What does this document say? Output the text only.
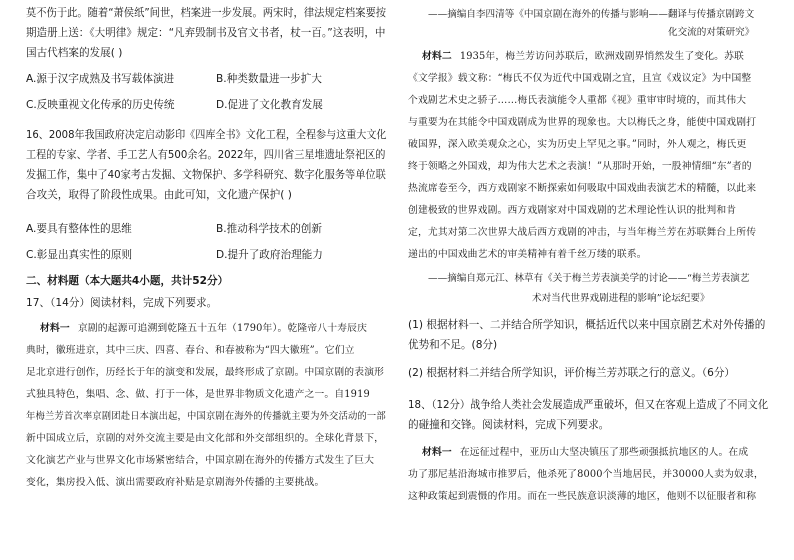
莫不伤于此。随着“萧侯纸”间世，档案进一步发展。两宋时，律法规定档案要按
期造册上送：《大明律》规定：“凡弃毁制书及官文书者，杖一百。”这表明，中
国古代档案的发展( )
A.源于汉字成熟及书写载体演进	B.种类数量进一步扩大
C.反映重视文化传承的历史传统	D.促进了文化教育发展
16、2008年我国政府决定启动影印《四库全书》文化工程，全程参与这重大文化
工程的专家、学者、手工艺人有500余名。2022年，四川省三星堆遗址祭祀区的
发掘工作，集中了40家考古发掘、文物保护、多学科研究、数字化服务等单位联
合攻关，取得了阶段性成果。由此可知，文化遗产保护( )
A.要具有整体性的思维	B.推动科学技术的创新
C.彰显出真实性的原则	D.提升了政府治理能力
二、材料题（本大题共4小题，共计52分）
17、（14分）阅读材料，完成下列要求。
材料一 京剧的起源可追溯到乾隆五十五年（1790年）。乾隆帝八十寿辰庆
典时，徽班进京，其中三庆、四喜、春台、和春被称为“四大徽班”。它们立
足北京进行创作，历经长于年的演变和发展，最终形成了京剧。中国京剧的表演形
式独具特色，集唱、念、做、打于一体，是世界非物质文化遗产之一。自1919
年梅兰芳首次率京剧团赴日本演出起，中国京剧在海外的传播就主要为外交活动的一部
新中国成立后，京剧的对外交流主要是由文化部和外交部组织的。全球化背景下，
文化演艺产业与世界文化市场紧密结合，中国京剧在海外的传播方式发生了巨大
变化，集房投入低、演出需要政府补贴是京剧海外传播的主要挑战。
——摘编自李四清等《中国京剧在海外的传播与影响——翻译与传播京剧跨文
化交流的对策研究》
材料二 1935年，梅兰芳访问苏联后，欧洲戏剧界悄然发生了变化。苏联
《文学报》载文称：“梅氏不仅为近代中国戏剧之宜，且宣《戏议定》为中国整
个戏剧艺术史之骄子……梅氏表演能令人重都《视》重审审时境的，而其伟大
与重要为在其能令中国戏剧成为世界的现象也。大以梅氏之身，能使中国戏剧打
破国界，深入欧美观众之心，实为历史上罕见之事。”同时，外人观之，梅氏更
终于领略之外国戏，却为伟大艺术之表演！”从那时开始，一股神情细“东”者的
热流席卷至今，西方戏剧家不断探索如何吸取中国戏曲表演艺术的精髓，以此来
创建极致的世界戏剧。西方戏剧家对中国戏剧的艺术理论性认识的批判和肯
定，尤其对第二次世界大战后西方戏剧的冲击，与当年梅兰芳在苏联舞台上所传
递出的中国戏曲艺术的审美精神有着千丝万缕的联系。
——摘编自郑元江、林草有《关于梅兰芳表演美学的讨论——“梅兰芳表演艺
术对当代世界戏剧进程的影响”论坛纪要》
(1) 根据材料一、二并结合所学知识，概括近代以来中国京剧艺术对外传播的
优势和不足。(8分)
(2) 根据材料二并结合所学知识，评价梅兰芳苏联之行的意义。（6分）
18、（12分）战争给人类社会发展造成严重破坏，但又在客观上造成了不同文化
的碰撞和交锋。阅读材料，完成下列要求。
材料一 在远征过程中，亚历山大坚决镇压了那些顽强抵抗地区的人。在成
功了那尼基沿海城市推罗后，他杀死了8000个当地居民，并30000人卖为奴隶，
这种政策起到震慑的作用。而在一些民族意识淡薄的地区，他则不以征服者和称
